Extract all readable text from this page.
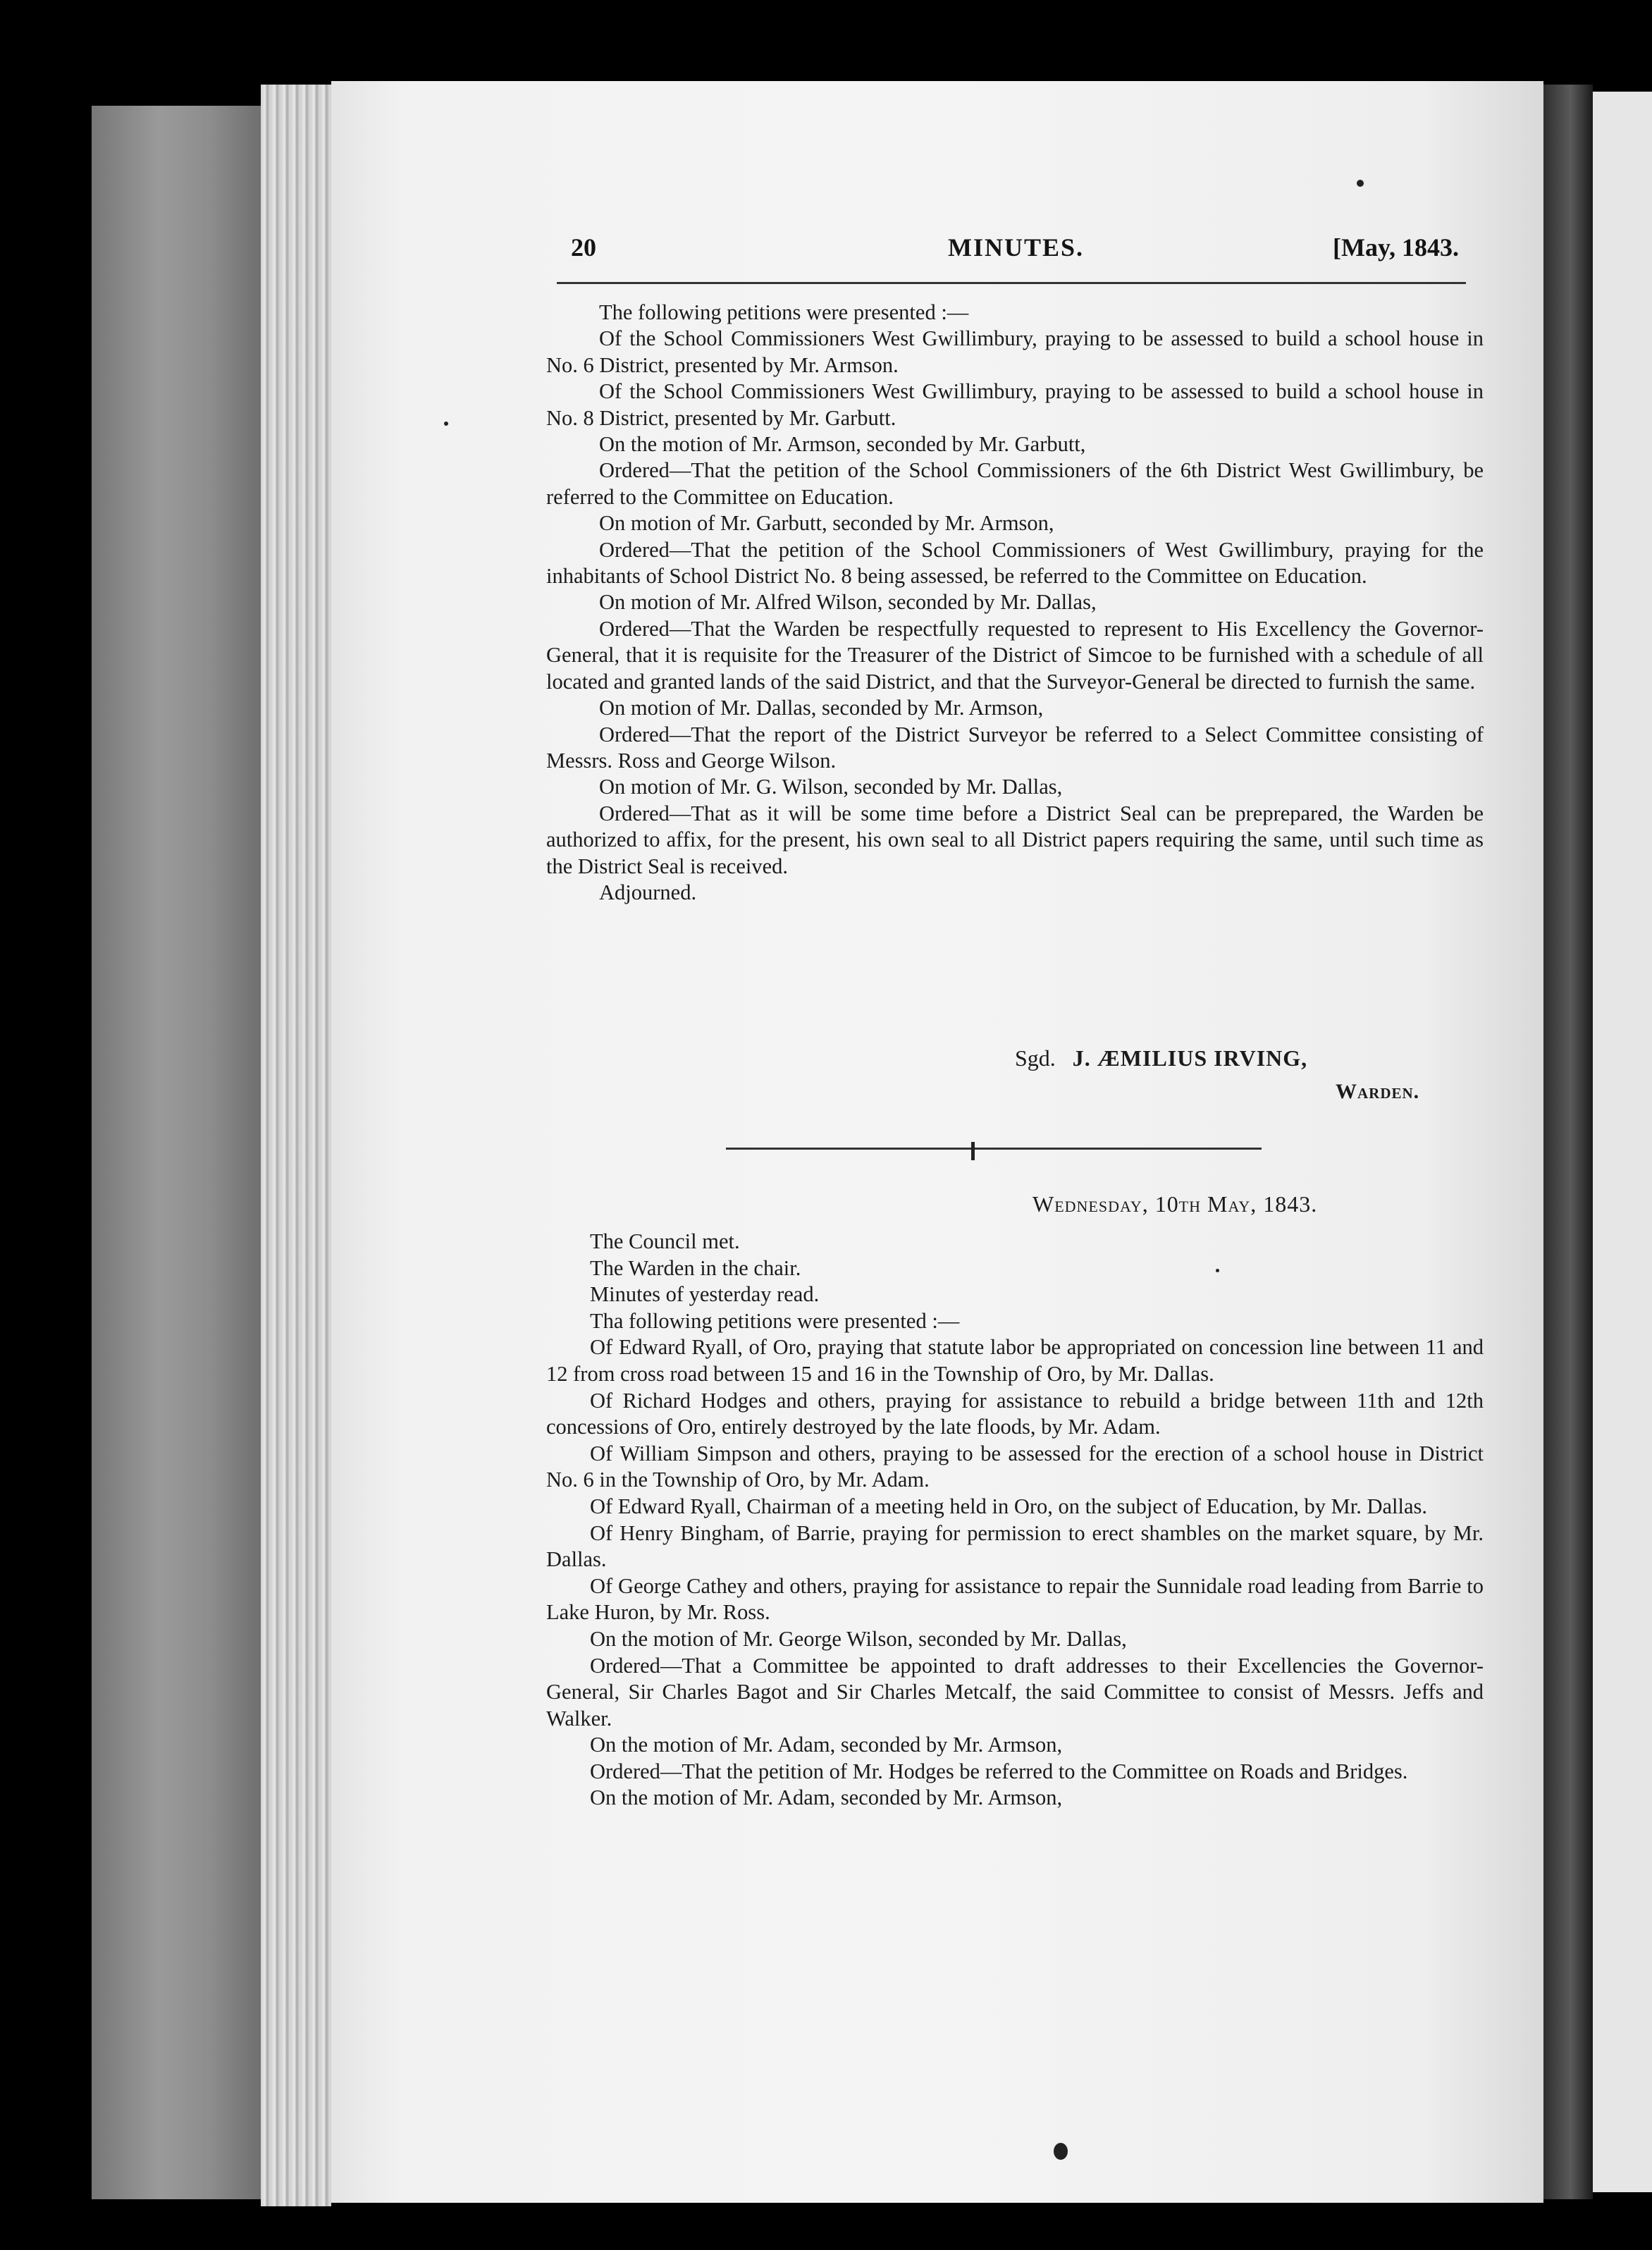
20	MINUTES.	[May, 1843.

The following petitions were presented :—

Of the School Commissioners West Gwillimbury, praying to be assessed to build a school house in No. 6 District, presented by Mr. Armson.

Of the School Commissioners West Gwillimbury, praying to be assessed to build a school house in No. 8 District, presented by Mr. Garbutt.

On the motion of Mr. Armson, seconded by Mr. Garbutt,

Ordered—That the petition of the School Commissioners of the 6th District West Gwillimbury, be referred to the Committee on Education.

On motion of Mr. Garbutt, seconded by Mr. Armson,

Ordered—That the petition of the School Commissioners of West Gwillimbury, praying for the inhabitants of School District No. 8 being assessed, be referred to the Committee on Education.

On motion of Mr. Alfred Wilson, seconded by Mr. Dallas,

Ordered—That the Warden be respectfully requested to represent to His Excellency the Governor-General, that it is requisite for the Treasurer of the District of Simcoe to be furnished with a schedule of all located and granted lands of the said District, and that the Surveyor-General be directed to furnish the same.

On motion of Mr. Dallas, seconded by Mr. Armson,

Ordered—That the report of the District Surveyor be referred to a Select Committee consisting of Messrs. Ross and George Wilson.

On motion of Mr. G. Wilson, seconded by Mr. Dallas,

Ordered—That as it will be some time before a District Seal can be preprepared, the Warden be authorized to affix, for the present, his own seal to all District papers requiring the same, until such time as the District Seal is received.

Adjourned.

Sgd. J. ÆMILIUS IRVING,
Warden.
Wednesday, 10th May, 1843.

The Council met.

The Warden in the chair.

Minutes of yesterday read.

Tha following petitions were presented :—

Of Edward Ryall, of Oro, praying that statute labor be appropriated on concession line between 11 and 12 from cross road between 15 and 16 in the Township of Oro, by Mr. Dallas.

Of Richard Hodges and others, praying for assistance to rebuild a bridge between 11th and 12th concessions of Oro, entirely destroyed by the late floods, by Mr. Adam.

Of William Simpson and others, praying to be assessed for the erection of a school house in District No. 6 in the Township of Oro, by Mr. Adam.

Of Edward Ryall, Chairman of a meeting held in Oro, on the subject of Education, by Mr. Dallas.

Of Henry Bingham, of Barrie, praying for permission to erect shambles on the market square, by Mr. Dallas.

Of George Cathey and others, praying for assistance to repair the Sunnidale road leading from Barrie to Lake Huron, by Mr. Ross.

On the motion of Mr. George Wilson, seconded by Mr. Dallas,

Ordered—That a Committee be appointed to draft addresses to their Excellencies the Governor-General, Sir Charles Bagot and Sir Charles Metcalf, the said Committee to consist of Messrs. Jeffs and Walker.

On the motion of Mr. Adam, seconded by Mr. Armson,

Ordered—That the petition of Mr. Hodges be referred to the Committee on Roads and Bridges.

On the motion of Mr. Adam, seconded by Mr. Armson,
